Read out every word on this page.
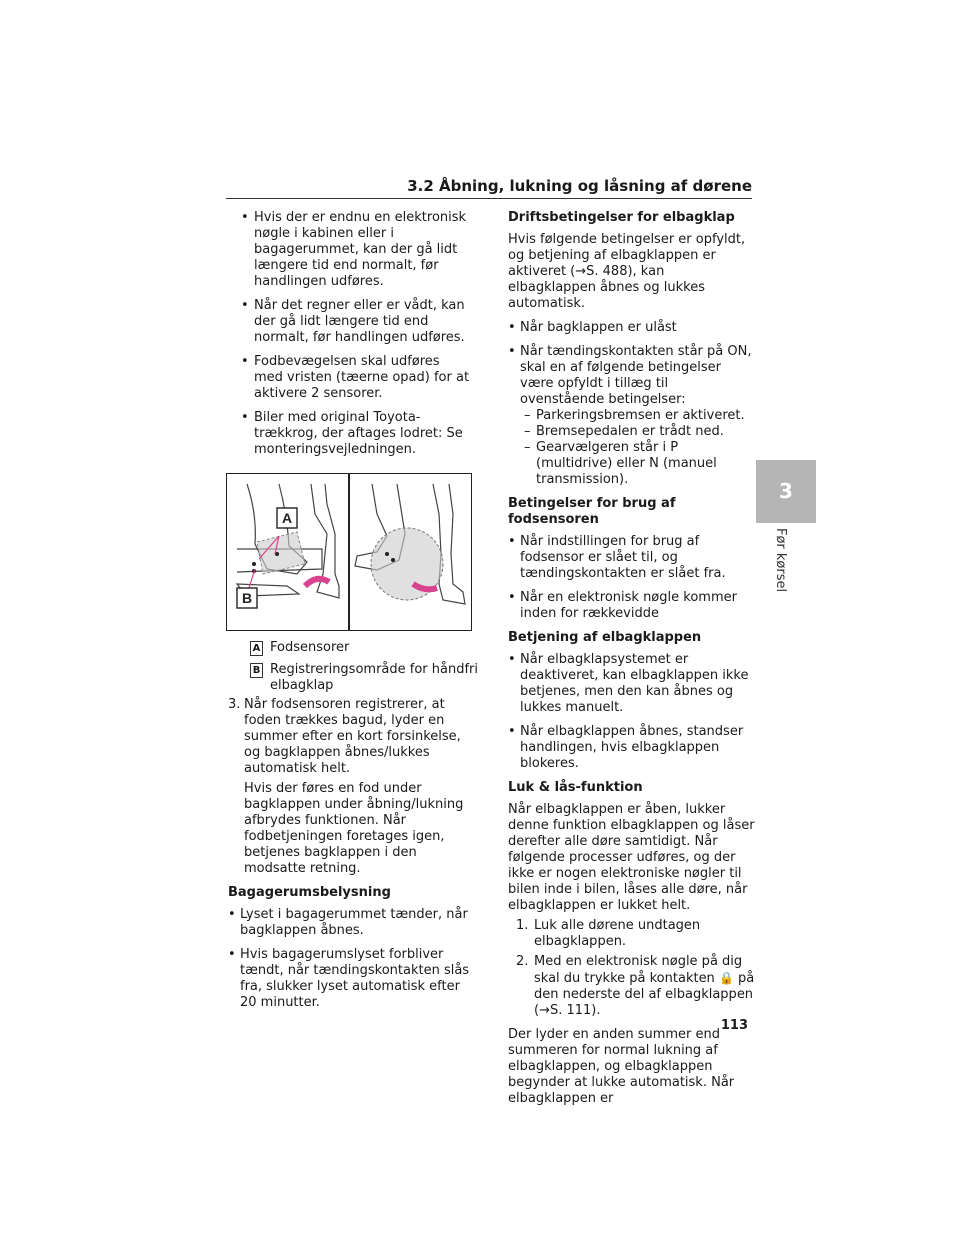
3.2 Åbning, lukning og låsning af dørene
3
Før kørsel
• Hvis der er endnu en elektronisk nøgle i kabinen eller i bagagerummet, kan der gå lidt længere tid end normalt, før handlingen udføres.
• Når det regner eller er vådt, kan der gå lidt længere tid end normalt, før handlingen udføres.
• Fodbevægelsen skal udføres med vristen (tæerne opad) for at aktivere 2 sensorer.
• Biler med original Toyota-trækkrog, der aftages lodret: Se monteringsvejledningen.
A
B
A Fodsensorer
B Registreringsområde for håndfri elbagklap
3. Når fodsensoren registrerer, at foden trækkes bagud, lyder en summer efter en kort forsinkelse, og bagklappen åbnes/lukkes automatisk helt.
Hvis der føres en fod under bagklappen under åbning/lukning afbrydes funktionen. Når fodbetjeningen foretages igen, betjenes bagklappen i den modsatte retning.
Bagagerumsbelysning
• Lyset i bagagerummet tænder, når bagklappen åbnes.
• Hvis bagagerumslyset forbliver tændt, når tændingskontakten slås fra, slukker lyset automatisk efter 20 minutter.
Driftsbetingelser for elbagklap
Hvis følgende betingelser er opfyldt, og betjening af elbagklappen er aktiveret (→S. 488), kan elbagklappen åbnes og lukkes automatisk.
• Når bagklappen er ulåst
• Når tændingskontakten står på ON, skal en af følgende betingelser være opfyldt i tillæg til ovenstående betingelser:
– Parkeringsbremsen er aktiveret.
– Bremsepedalen er trådt ned.
– Gearvælgeren står i P (multidrive) eller N (manuel transmission).
Betingelser for brug af fodsensoren
• Når indstillingen for brug af fodsensor er slået til, og tændingskontakten er slået fra.
• Når en elektronisk nøgle kommer inden for rækkevidde
Betjening af elbagklappen
• Når elbagklapsystemet er deaktiveret, kan elbagklappen ikke betjenes, men den kan åbnes og lukkes manuelt.
• Når elbagklappen åbnes, standser handlingen, hvis elbagklappen blokeres.
Luk & lås-funktion
Når elbagklappen er åben, lukker denne funktion elbagklappen og låser derefter alle døre samtidigt. Når følgende processer udføres, og der ikke er nogen elektroniske nøgler til bilen inde i bilen, låses alle døre, når elbagklappen er lukket helt.
1. Luk alle dørene undtagen elbagklappen.
2. Med en elektronisk nøgle på dig skal du trykke på kontakten 🔒 på den nederste del af elbagklappen (→S. 111).
Der lyder en anden summer end summeren for normal lukning af elbagklappen, og elbagklappen begynder at lukke automatisk. Når elbagklappen er
113
